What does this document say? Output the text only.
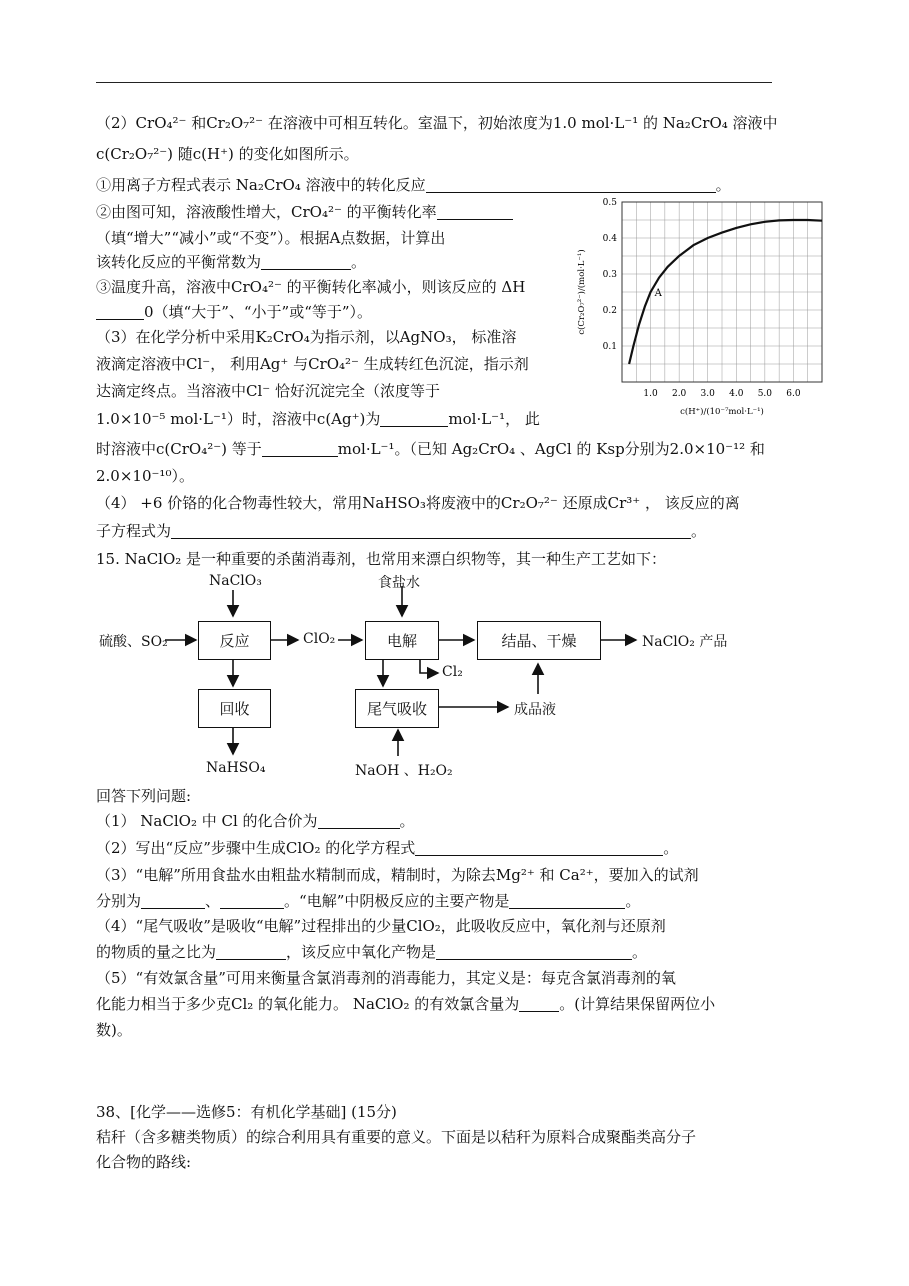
（2）CrO₄²⁻ 和Cr₂O₇²⁻ 在溶液中可相互转化。室温下，初始浓度为1.0 mol·L⁻¹ 的 Na₂CrO₄ 溶液中
c(Cr₂O₇²⁻) 随c(H⁺) 的变化如图所示。
①用离子方程式表示 Na₂CrO₄ 溶液中的转化反应	。
②由图可知，溶液酸性增大，CrO₄²⁻ 的平衡转化率
（填“增大”“减小”或“不变”）。根据A点数据，计算出
该转化反应的平衡常数为	。
③温度升高，溶液中CrO₄²⁻ 的平衡转化率减小，则该反应的 ΔH
0（填“大于”、“小于”或“等于”）。
（3）在化学分析中采用K₂CrO₄为指示剂，以AgNO₃， 标准溶
液滴定溶液中Cl⁻， 利用Ag⁺ 与CrO₄²⁻ 生成转红色沉淀，指示剂
达滴定终点。当溶液中Cl⁻ 恰好沉淀完全（浓度等于
1.0×10⁻⁵ mol·L⁻¹）时，溶液中c(Ag⁺)为	mol·L⁻¹， 此
时溶液中c(CrO₄²⁻) 等于	mol·L⁻¹。（已知 Ag₂CrO₄ 、AgCl 的 Ksp分别为2.0×10⁻¹² 和
2.0×10⁻¹⁰）。
（4） +6 价铬的化合物毒性较大，常用NaHSO₃将废液中的Cr₂O₇²⁻ 还原成Cr³⁺ ， 该反应的离
子方程式为	。
1.0 2.0 3.0 4.0 5.0 6.0
0.1
0.2
0.3
0.4
0.5
A
c(H⁺)/(10⁻⁷mol·L⁻¹)
c(Cr₂O₇²⁻)/(mol·L⁻¹)
15. NaClO₂ 是一种重要的杀菌消毒剂，也常用来漂白织物等，其一种生产工艺如下：
NaClO₃	食盐水
硫酸、SO₂	反应	ClO₂	电解	结晶、干燥	NaClO₂ 产品
Cl₂
回收	尾气吸收	成品液
NaHSO₄	NaOH 、H₂O₂
回答下列问题:
（1） NaClO₂ 中 Cl 的化合价为	。
（2）写出“反应”步骤中生成ClO₂ 的化学方程式	。
（3）“电解”所用食盐水由粗盐水精制而成，精制时，为除去Mg²⁺ 和 Ca²⁺，要加入的试剂
分别为	、	。“电解”中阴极反应的主要产物是	。
（4）“尾气吸收”是吸收“电解”过程排出的少量ClO₂，此吸收反应中，氧化剂与还原剂
的物质的量之比为	，该反应中氧化产物是	。
（5）“有效氯含量”可用来衡量含氯消毒剂的消毒能力，其定义是：每克含氯消毒剂的氧
化能力相当于多少克Cl₂ 的氧化能力。 NaClO₂ 的有效氯含量为	。(计算结果保留两位小
数)。
38、[化学——选修5：有机化学基础] (15分)
秸秆（含多糖类物质）的综合利用具有重要的意义。下面是以秸秆为原料合成聚酯类高分子
化合物的路线:
